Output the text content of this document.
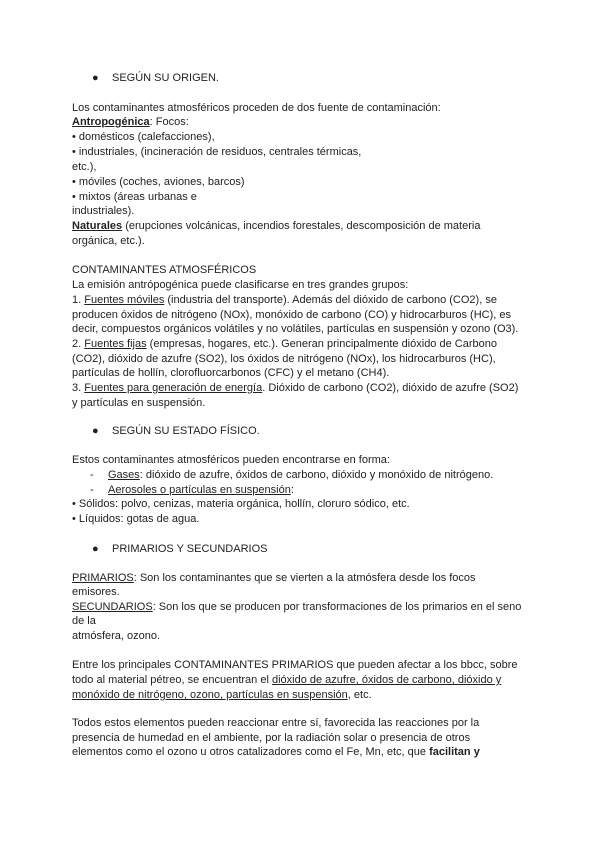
● SEGÚN SU ORIGEN.
Los contaminantes atmosféricos proceden de dos fuente de contaminación:
Antropogénica: Focos:
• domésticos (calefacciones),
• industriales, (incineración de residuos, centrales térmicas,
etc.),
• móviles (coches, aviones, barcos)
• mixtos (áreas urbanas e
industriales).
Naturales (erupciones volcánicas, incendios forestales, descomposición de materia
orgánica, etc.).
CONTAMINANTES ATMOSFÉRICOS
La emisión antrópogénica puede clasificarse en tres grandes grupos:
1. Fuentes móviles (industria del transporte). Además del dióxido de carbono (CO2), se
producen óxidos de nitrógeno (NOx), monóxido de carbono (CO) y hidrocarburos (HC), es
decir, compuestos orgánicos volátiles y no volátiles, partículas en suspensión y ozono (O3).
2. Fuentes fijas (empresas, hogares, etc.). Generan principalmente dióxido de Carbono
(CO2), dióxido de azufre (SO2), los óxidos de nitrógeno (NOx), los hidrocarburos (HC),
partículas de hollín, clorofluorcarbonos (CFC) y el metano (CH4).
3. Fuentes para generación de energía. Dióxido de carbono (CO2), dióxido de azufre (SO2)
y partículas en suspensión.
● SEGÚN SU ESTADO FÍSICO.
Estos contaminantes atmosféricos pueden encontrarse en forma:
- Gases: dióxido de azufre, óxidos de carbono, dióxido y monóxido de nitrógeno.
- Aerosoles o partículas en suspensión:
• Sólidos: polvo, cenizas, materia orgánica, hollín, cloruro sódico, etc.
• Líquidos: gotas de agua.
● PRIMARIOS Y SECUNDARIOS
PRIMARIOS: Son los contaminantes que se vierten a la atmósfera desde los focos
emisores.
SECUNDARIOS: Son los que se producen por transformaciones de los primarios en el seno
de la
atmósfera, ozono.
Entre los principales CONTAMINANTES PRIMARIOS que pueden afectar a los bbcc, sobre
todo al material pétreo, se encuentran el dióxido de azufre, óxidos de carbono, dióxido y
monóxido de nitrógeno, ozono, partículas en suspensión, etc.
Todos estos elementos pueden reaccionar entre sí, favorecida las reacciones por la
presencia de humedad en el ambiente, por la radiación solar o presencia de otros
elementos como el ozono u otros catalizadores como el Fe, Mn, etc, que facilitan y
